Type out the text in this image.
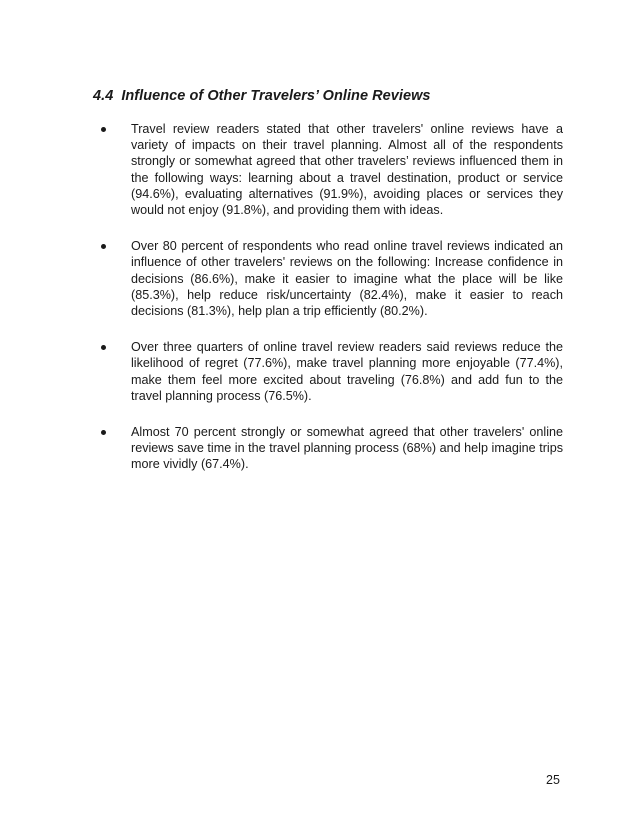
4.4 Influence of Other Travelers’ Online Reviews
Travel review readers stated that other travelers' online reviews have a variety of impacts on their travel planning. Almost all of the respondents strongly or somewhat agreed that other travelers’ reviews influenced them in the following ways: learning about a travel destination, product or service (94.6%), evaluating alternatives (91.9%), avoiding places or services they would not enjoy (91.8%), and providing them with ideas.
Over 80 percent of respondents who read online travel reviews indicated an influence of other travelers' reviews on the following: Increase confidence in decisions (86.6%), make it easier to imagine what the place will be like (85.3%), help reduce risk/uncertainty (82.4%), make it easier to reach decisions (81.3%), help plan a trip efficiently (80.2%).
Over three quarters of online travel review readers said reviews reduce the likelihood of regret (77.6%), make travel planning more enjoyable (77.4%), make them feel more excited about traveling (76.8%) and add fun to the travel planning process (76.5%).
Almost 70 percent strongly or somewhat agreed that other travelers' online reviews save time in the travel planning process (68%) and help imagine trips more vividly (67.4%).
25
